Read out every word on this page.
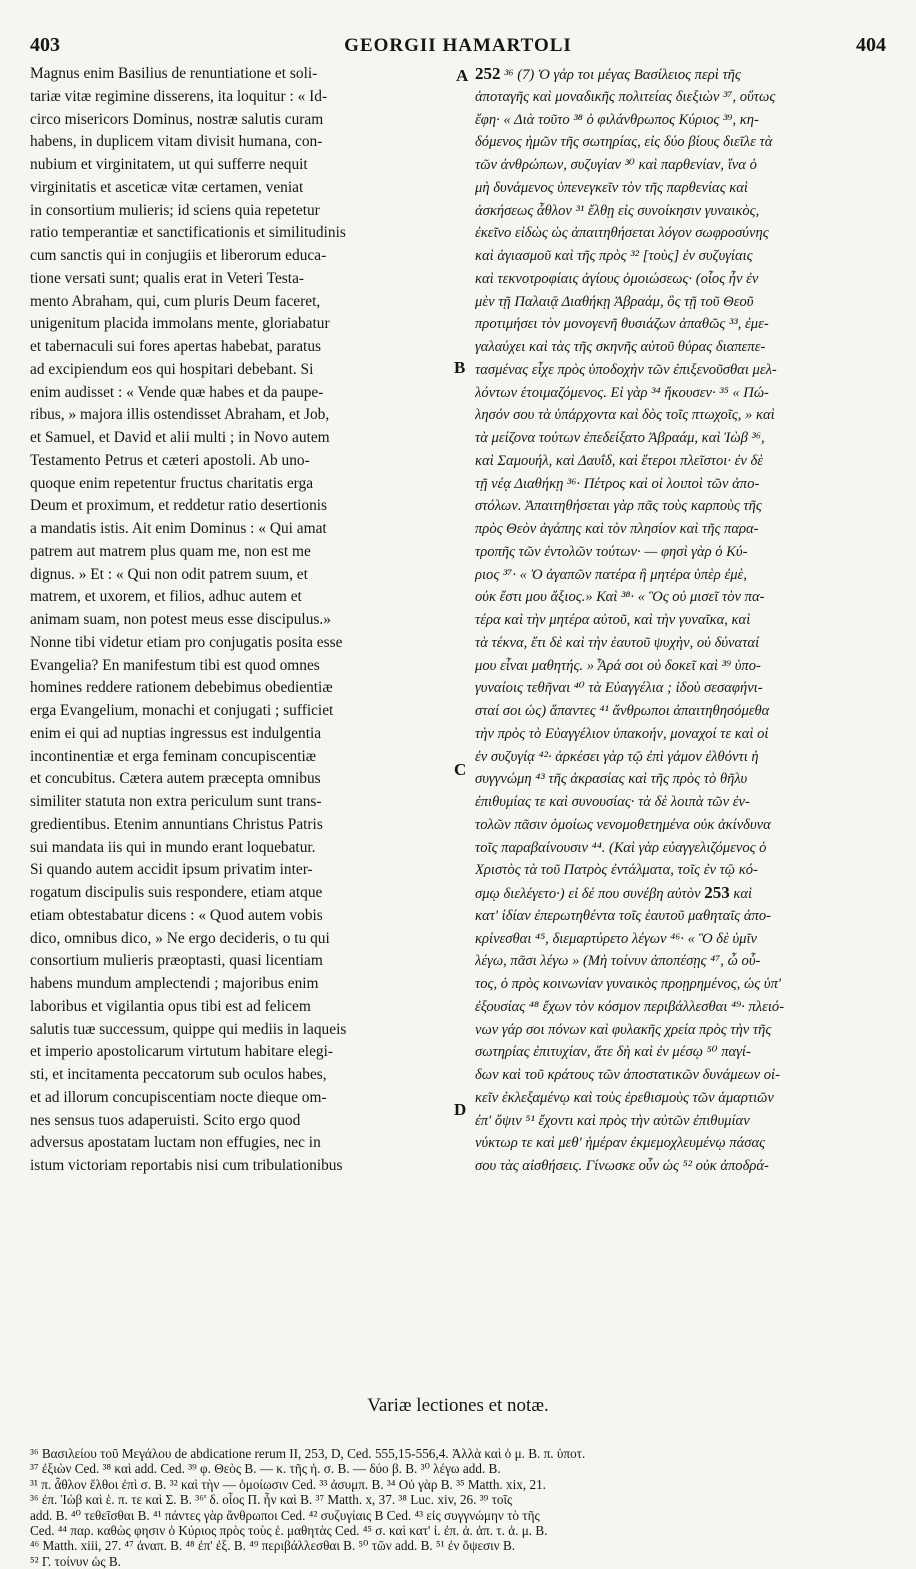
403	GEORGII HAMARTOLI	404
Magnus enim Basilius de renuntiatione et soli-
tariæ vitæ regimine disserens, ita loquitur : « Id-
circo misericors Dominus, nostræ salutis curam
habens, in duplicem vitam divisit humana, con-
nubium et virginitatem, ut qui sufferre nequit
virginitatis et asceticæ vitæ certamen, veniat
in consortium mulieris; id sciens quia repetetur
ratio temperantiæ et sanctificationis et similitudinis
cum sanctis qui in conjugiis et liberorum educa-
tione versati sunt; qualis erat in Veteri Testa-
mento Abraham, qui, cum pluris Deum faceret,
unigenitum placida immolans mente, gloriabatur
et tabernaculi sui fores apertas habebat, paratus
ad excipiendum eos qui hospitari debebant. Si
enim audisset : « Vende quæ habes et da paupe-
ribus, » majora illis ostendisset Abraham, et Job,
et Samuel, et David et alii multi ; in Novo autem
Testamento Petrus et cæteri apostoli. Ab uno-
quoque enim repetentur fructus charitatis erga
Deum et proximum, et reddetur ratio desertionis
a mandatis istis. Ait enim Dominus : « Qui amat
patrem aut matrem plus quam me, non est me
dignus. » Et : « Qui non odit patrem suum, et
matrem, et uxorem, et filios, adhuc autem et
animam suam, non potest meus esse discipulus.»
Nonne tibi videtur etiam pro conjugatis posita esse
Evangelia? En manifestum tibi est quod omnes
homines reddere rationem debebimus obedientiæ
erga Evangelium, monachi et conjugati ; sufficiet
enim ei qui ad nuptias ingressus est indulgentia
incontinentiæ et erga feminam concupiscentiæ
et concubitus. Cætera autem præcepta omnibus
similiter statuta non extra periculum sunt trans-
gredientibus. Etenim annuntians Christus Patris
sui mandata iis qui in mundo erant loquebatur.
Si quando autem accidit ipsum privatim inter-
rogatum discipulis suis respondere, etiam atque
etiam obtestabatur dicens : « Quod autem vobis
dico, omnibus dico, » Ne ergo decideris, o tu qui
consortium mulieris præoptasti, quasi licentiam
habens mundum amplectendi ; majoribus enim
laboribus et vigilantia opus tibi est ad felicem
salutis tuæ successum, quippe qui mediis in laqueis
et imperio apostolicarum virtutum habitare elegi-
sti, et incitamenta peccatorum sub oculos habes,
et ad illorum concupiscentiam nocte dieque om-
nes sensus tuos adaperuisti. Scito ergo quod
adversus apostatam luctam non effugies, nec in
istum victoriam reportabis nisi cum tribulationibus
252 ³⁶ (7) Ὁ γάρ τοι μέγας Βασίλειος περὶ τῆς
ἀποταγῆς καὶ μοναδικῆς πολιτείας διεξιὼν ³⁷, οὕτως
ἔφη· « Διὰ τοῦτο ³⁸ ὁ φιλάνθρωπος Κύριος ³⁹, κη-
δόμενος ἡμῶν τῆς σωτηρίας, εἰς δύο βίους διεῖλε τὰ
τῶν ἀνθρώπων, συζυγίαν ³⁰ καὶ παρθενίαν, ἵνα ὁ
μὴ δυνάμενος ὑπενεγκεῖν τὸν τῆς παρθενίας καὶ
ἀσκήσεως ἆθλον ³¹ ἔλθῃ εἰς συνοίκησιν γυναικὸς,
ἐκεῖνο εἰδὼς ὡς ἀπαιτηθήσεται λόγον σωφροσύνης
καὶ ἁγιασμοῦ καὶ τῆς πρὸς ³² [τοὺς] ἐν συζυγίαις
καὶ τεκνοτροφίαις ἁγίους ὁμοιώσεως· (οἷος ἦν ἐν
μὲν τῇ Παλαιᾷ Διαθήκῃ Ἀβραάμ, ὃς τῇ τοῦ Θεοῦ
προτιμήσει τὸν μονογενῆ θυσιάζων ἀπαθῶς ³³, ἐμε-
γαλαύχει καὶ τὰς τῆς σκηνῆς αὐτοῦ θύρας διαπεπε-
τασμένας εἶχε πρὸς ὑποδοχὴν τῶν ἐπιξενοῦσθαι μελ-
λόντων ἑτοιμαζόμενος. Εἰ γὰρ ³⁴ ἤκουσεν· ³⁵ « Πώ-
λησόν σου τὰ ὑπάρχοντα καὶ δὸς τοῖς πτωχοῖς, » καὶ
τὰ μείζονα τούτων ἐπεδείξατο Ἀβραάμ, καὶ Ἰὼβ ³⁶,
καὶ Σαμουήλ, καὶ Δαυΐδ, καὶ ἕτεροι πλεῖστοι· ἐν δὲ
τῇ νέᾳ Διαθήκῃ ³⁶· Πέτρος καὶ οἱ λοιποὶ τῶν ἀπο-
στόλων. Ἀπαιτηθήσεται γὰρ πᾶς τοὺς καρποὺς τῆς
πρὸς Θεὸν ἀγάπης καὶ τὸν πλησίον καὶ τῆς παρα-
τροπῆς τῶν ἐντολῶν τούτων· — φησὶ γὰρ ὁ Κύ-
ριος ³⁷· « Ὁ ἀγαπῶν πατέρα ἢ μητέρα ὑπὲρ ἐμὲ,
οὐκ ἔστι μου ἄξιος.» Καὶ ³⁸· « Ὃς οὐ μισεῖ τὸν πα-
τέρα καὶ τὴν μητέρα αὐτοῦ, καὶ τὴν γυναῖκα, καὶ
τὰ τέκνα, ἔτι δὲ καὶ τὴν ἑαυτοῦ ψυχὴν, οὐ δύναταί
μου εἶναι μαθητής. » Ἆρά σοι οὐ δοκεῖ καὶ ³⁹ ὑπο-
γυναίοις τεθῆναι ⁴⁰ τὰ Εὐαγγέλια ; ἰδοὺ σεσαφήνι-
σταί σοι ὡς) ἅπαντες ⁴¹ ἄνθρωποι ἀπαιτηθησόμεθα
τὴν πρὸς τὸ Εὐαγγέλιον ὑπακοήν, μοναχοί τε καὶ οἱ
ἐν συζυγίᾳ ⁴²· ἀρκέσει γὰρ τῷ ἐπὶ γάμον ἐλθόντι ἡ
συγγνώμη ⁴³ τῆς ἀκρασίας καὶ τῆς πρὸς τὸ θῆλυ
ἐπιθυμίας τε καὶ συνουσίας· τὰ δὲ λοιπὰ τῶν ἐν-
τολῶν πᾶσιν ὁμοίως νενομοθετημένα οὐκ ἀκίνδυνα
τοῖς παραβαίνουσιν ⁴⁴. (Καὶ γὰρ εὐαγγελιζόμενος ὁ
Χριστὸς τὰ τοῦ Πατρὸς ἐντάλματα, τοῖς ἐν τῷ κό-
σμῳ διελέγετο·) εἰ δέ που συνέβη αὐτὸν 253 καὶ
κατ' ἰδίαν ἐπερωτηθέντα τοῖς ἑαυτοῦ μαθηταῖς ἀπο-
κρίνεσθαι ⁴⁵, διεμαρτύρετο λέγων ⁴⁶· « Ὃ δὲ ὑμῖν
λέγω, πᾶσι λέγω » (Μὴ τοίνυν ἀποπέσῃς ⁴⁷, ὦ οὗ-
τος, ὁ πρὸς κοινωνίαν γυναικὸς προῃρημένος, ὡς ὑπ'
ἐξουσίας ⁴⁸ ἔχων τὸν κόσμον περιβάλλεσθαι ⁴⁹· πλειό-
νων γάρ σοι πόνων καὶ φυλακῆς χρεία πρὸς τὴν τῆς
σωτηρίας ἐπιτυχίαν, ἅτε δὴ καὶ ἐν μέσῳ ⁵⁰ παγί-
δων καὶ τοῦ κράτους τῶν ἀποστατικῶν δυνάμεων οἰ-
κεῖν ἐκλεξαμένῳ καὶ τοὺς ἐρεθισμοὺς τῶν ἁμαρτιῶν
ἐπ' ὄψιν ⁵¹ ἔχοντι καὶ πρὸς τὴν αὐτῶν ἐπιθυμίαν
νύκτωρ τε καὶ μεθ' ἡμέραν ἐκμεμοχλευμένῳ πάσας
σου τὰς αἰσθήσεις. Γίνωσκε οὖν ὡς ⁵² οὐκ ἀποδρά-
A
B
C
D
Variæ lectiones et notæ.
³⁶ Βασιλείου τοῦ Μεγάλου de abdicatione rerum II, 253, D, Ced. 555,15-556,4. Ἀλλὰ καὶ ὁ μ. Β. π. ὑποτ.
³⁷ ἐξιὼν Ced. ³⁸ καὶ add. Ced. ³⁹ φ. Θεὸς Β. — κ. τῆς ἡ. σ. Β. — δύο β. Β. ³⁰ λέγω add. Β.
³¹ π. ἆθλον ἔλθοι ἐπὶ σ. Β. ³² καὶ τὴν — ὁμοίωσιν Ced. ³³ ἀσυμπ. Β. ³⁴ Οὐ γὰρ Β. ³⁵ Matth. xix, 21.
³⁶ ἐπ. Ἰὼβ καὶ ἑ. π. τε καὶ Σ. Β. ³⁶' δ. οἷος Π. ἦν καὶ Β. ³⁷ Matth. x, 37. ³⁸ Luc. xiv, 26. ³⁹ τοῖς
add. Β. ⁴⁰ τεθεῖσθαι Β. ⁴¹ πάντες γὰρ ἄνθρωποι Ced. ⁴² συζυγίαις Β Ced. ⁴³ εἰς συγγνώμην τὸ τῆς
Ced. ⁴⁴ παρ. καθὼς φησιν ὁ Κύριος πρὸς τοὺς ἑ. μαθητὰς Ced. ⁴⁵ σ. καὶ κατ' ἰ. ἐπ. ἀ. ἀπ. τ. ἀ. μ. Β.
⁴⁶ Matth. xiii, 27. ⁴⁷ ἀναπ. Β. ⁴⁸ ἐπ' ἐξ. Β. ⁴⁹ περιβάλλεσθαι Β. ⁵⁰ τῶν add. Β. ⁵¹ ἐν ὄψεσιν Β.
⁵² Γ. τοίνυν ὡς Β.
